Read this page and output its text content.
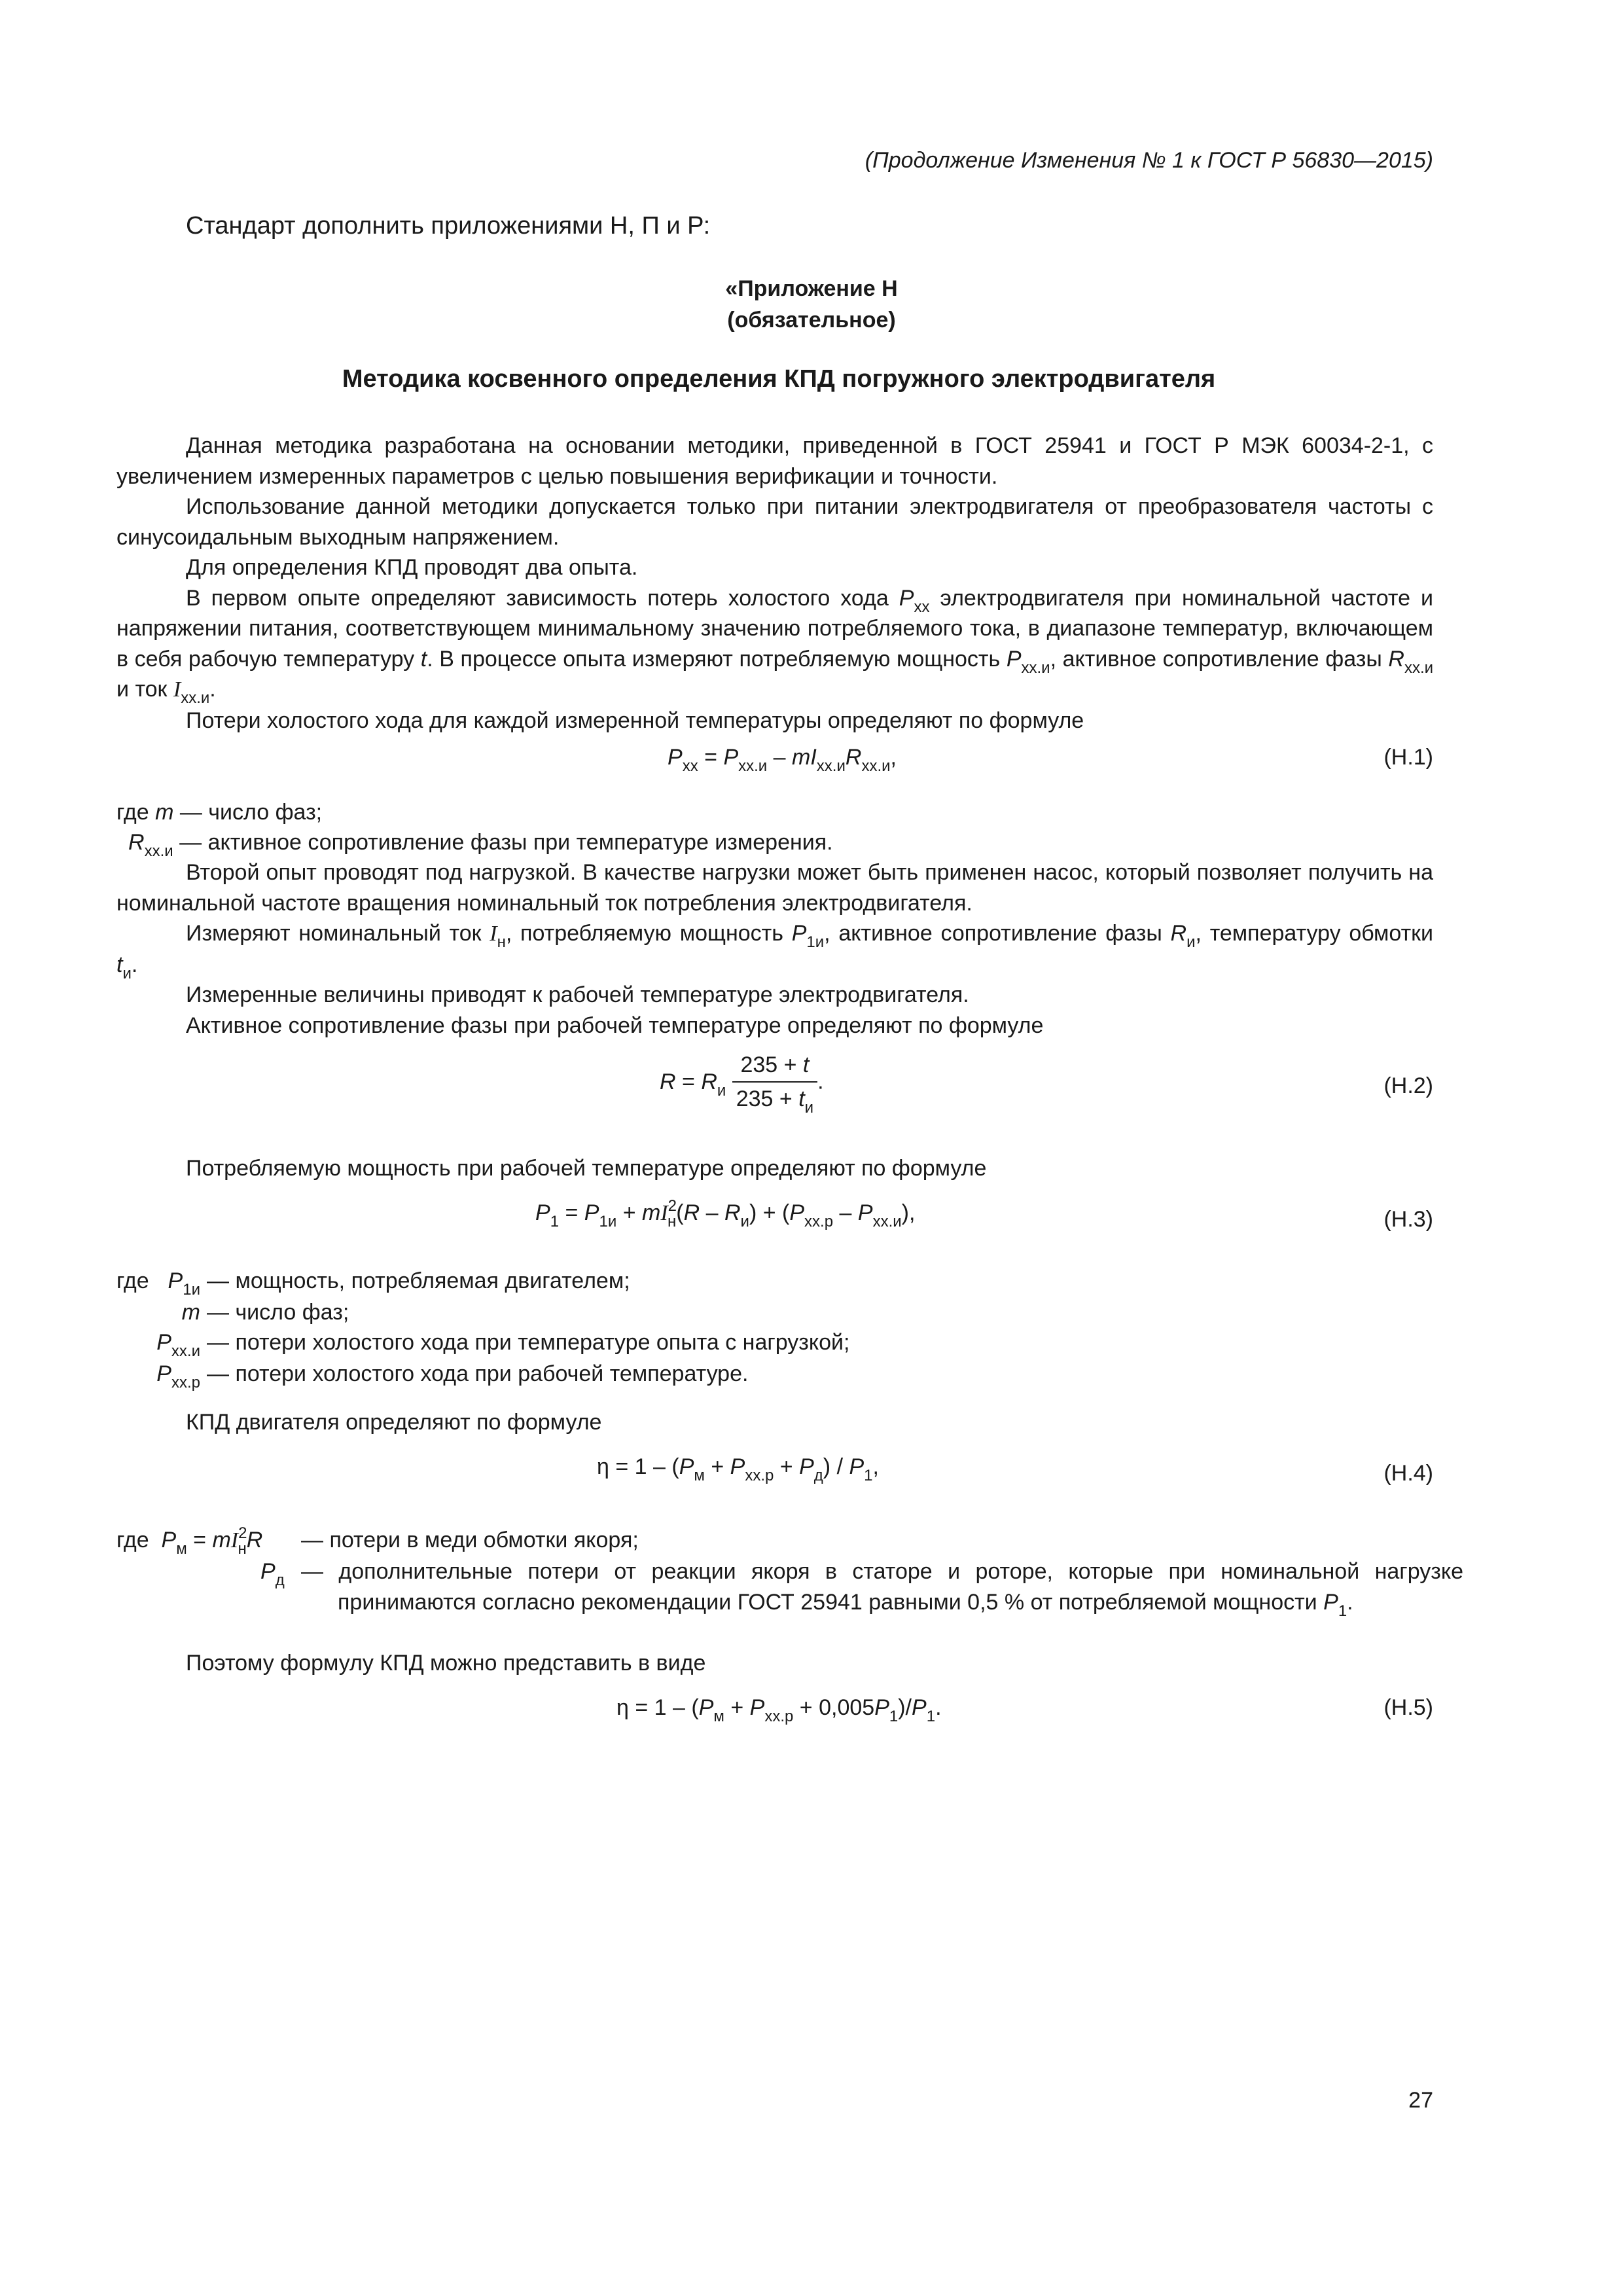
(Продолжение Изменения № 1 к ГОСТ Р 56830—2015)
Стандарт дополнить приложениями Н, П и Р:
«Приложение Н
(обязательное)
Методика косвенного определения КПД погружного электродвигателя
Данная методика разработана на основании методики, приведенной в ГОСТ 25941 и ГОСТ Р МЭК 60034-2-1, с увеличением измеренных параметров с целью повышения верификации и точности.
Использование данной методики допускается только при питании электродвигателя от преобразователя частоты с синусоидальным выходным напряжением.
Для определения КПД проводят два опыта.
В первом опыте определяют зависимость потерь холостого хода $P_{хх}$ электродвигателя при номинальной частоте и напряжении питания, соответствующем минимальному значению потребляемого тока, в диапазоне температур, включающем в себя рабочую температуру t. В процессе опыта измеряют потребляемую мощность $P_{хх.и}$, активное сопротивление фазы $R_{хх.и}$ и ток $I_{хх.и}$.
Потери холостого хода для каждой измеренной температуры определяют по формуле
$P_{хх} = P_{хх.и} - mI_{хх.и}R_{хх.и}$,	(Н.1)
где m — число фаз;
$R_{хх.и}$ — активное сопротивление фазы при температуре измерения.
Второй опыт проводят под нагрузкой. В качестве нагрузки может быть применен насос, который позволяет получить на номинальной частоте вращения номинальный ток потребления электродвигателя.
Измеряют номинальный ток $I_н$, потребляемую мощность $P_{1и}$, активное сопротивление фазы $R_и$, температуру обмотки $t_и$.
Измеренные величины приводят к рабочей температуре электродвигателя.
Активное сопротивление фазы при рабочей температуре определяют по формуле
$R = R_и \frac{235 + t}{235 + t_и}$ .	(Н.2)
Потребляемую мощность при рабочей температуре определяют по формуле
$P_1 = P_{1и} + mI^2_н(R - R_и) + (P_{хх.р} - P_{хх.и})$,	(Н.3)
где $P_{1и}$ — мощность, потребляемая двигателем;
m — число фаз;
$P_{хх.и}$ — потери холостого хода при температуре опыта с нагрузкой;
$P_{хх.р}$ — потери холостого хода при рабочей температуре.
КПД двигателя определяют по формуле
$\eta = 1 - (P_м + P_{хх.р} + P_д) / P_1$,	(Н.4)
где $P_м = mI^2_нR$ — потери в меди обмотки якоря;
$P_д$ — дополнительные потери от реакции якоря в статоре и роторе, которые при номинальной нагрузке принимаются согласно рекомендации ГОСТ 25941 равными 0,5 % от потребляемой мощности $P_1$.
Поэтому формулу КПД можно представить в виде
$\eta = 1 - (P_м + P_{хх.р} + 0,005P_1)/P_1$.	(Н.5)
27
